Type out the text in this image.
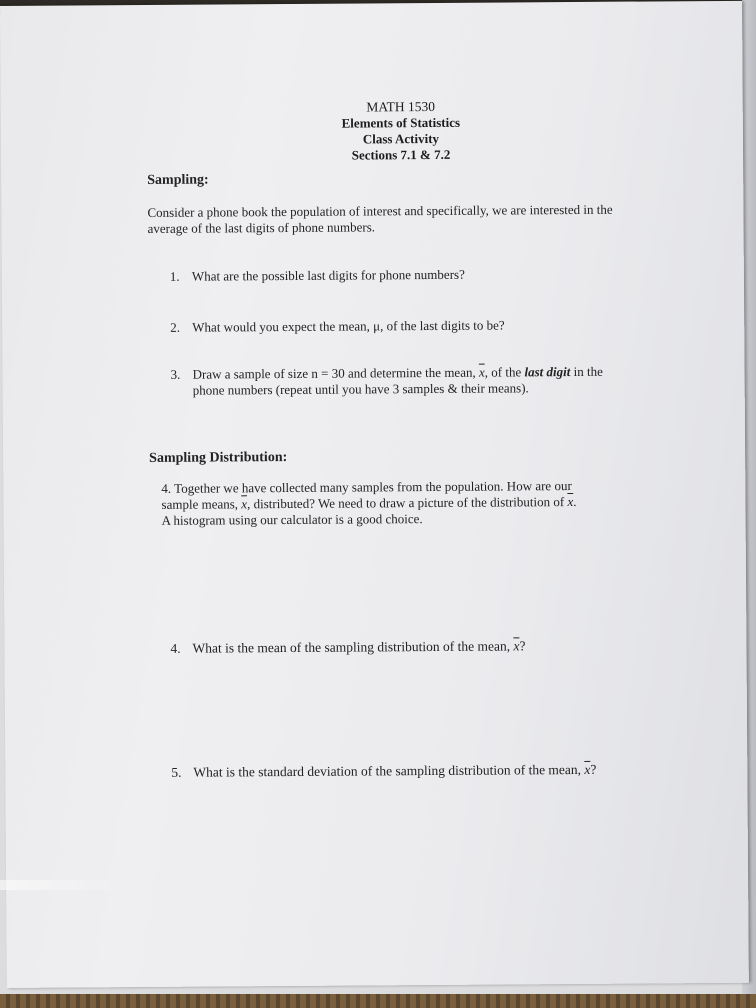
MATH 1530
Elements of Statistics
Class Activity
Sections 7.1 & 7.2
Sampling:
Consider a phone book the population of interest and specifically, we are interested in the
average of the last digits of phone numbers.
1. What are the possible last digits for phone numbers?
2. What would you expect the mean, μ, of the last digits to be?
3. Draw a sample of size n = 30 and determine the mean, $\overline{x}$, of the last digit in the
phone numbers (repeat until you have 3 samples & their means).
Sampling Distribution:
4. Together we have collected many samples from the population. How are our
sample means, $\overline{x}$, distributed? We need to draw a picture of the distribution of $\overline{x}$.
A histogram using our calculator is a good choice.
4. What is the mean of the sampling distribution of the mean, $\overline{x}$?
5. What is the standard deviation of the sampling distribution of the mean, $\overline{x}$?
